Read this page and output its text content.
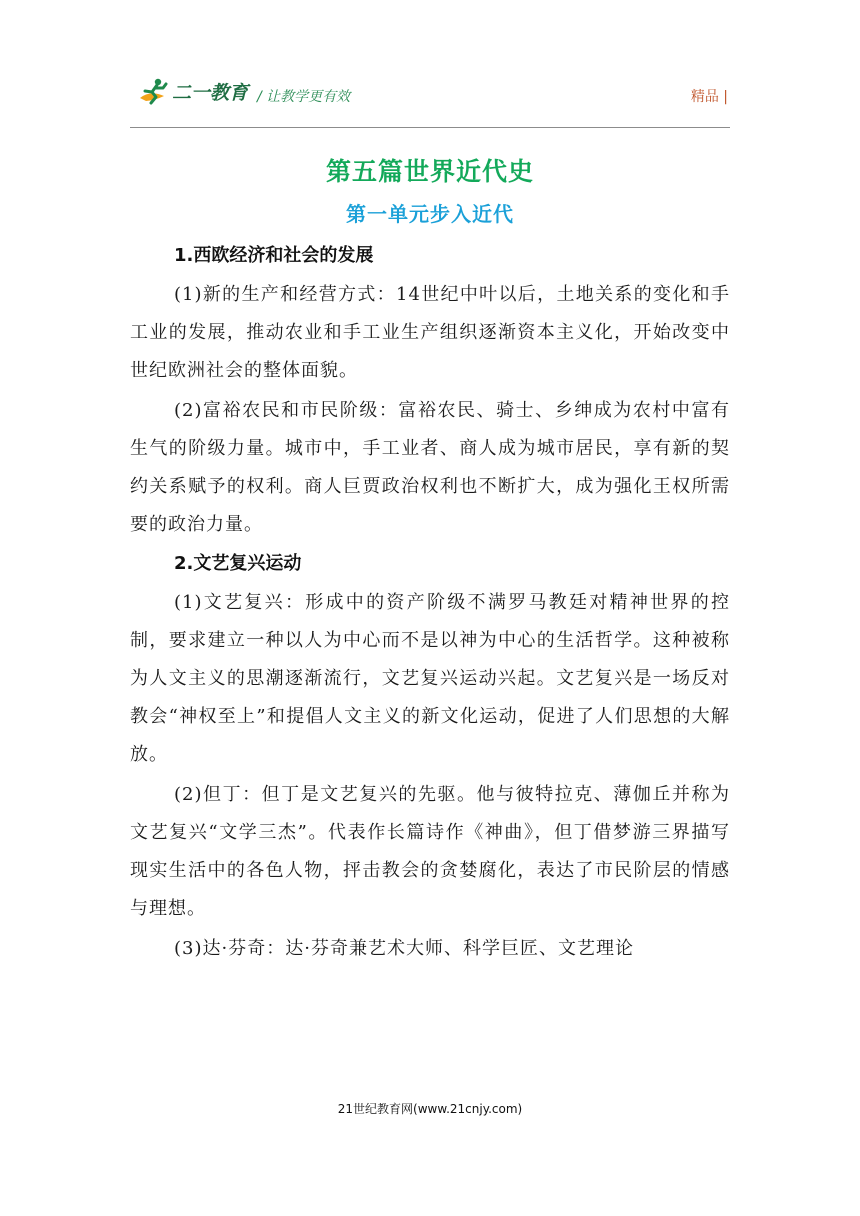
二一教育 / 让教学更有效	精品 |
第五篇世界近代史
第一单元步入近代
1.西欧经济和社会的发展

(1)新的生产和经营方式：14世纪中叶以后，土地关系的变化和手工业的发展，推动农业和手工业生产组织逐渐资本主义化，开始改变中世纪欧洲社会的整体面貌。

(2)富裕农民和市民阶级：富裕农民、骑士、乡绅成为农村中富有生气的阶级力量。城市中，手工业者、商人成为城市居民，享有新的契约关系赋予的权利。商人巨贾政治权利也不断扩大，成为强化王权所需要的政治力量。

2.文艺复兴运动

(1)文艺复兴：形成中的资产阶级不满罗马教廷对精神世界的控制，要求建立一种以人为中心而不是以神为中心的生活哲学。这种被称为人文主义的思潮逐渐流行，文艺复兴运动兴起。文艺复兴是一场反对教会“神权至上”和提倡人文主义的新文化运动，促进了人们思想的大解放。

(2)但丁：但丁是文艺复兴的先驱。他与彼特拉克、薄伽丘并称为文艺复兴“文学三杰”。代表作长篇诗作《神曲》，但丁借梦游三界描写现实生活中的各色人物，抨击教会的贪婪腐化，表达了市民阶层的情感与理想。

(3)达·芬奇：达·芬奇兼艺术大师、科学巨匠、文艺理论

21世纪教育网(www.21cnjy.com)
